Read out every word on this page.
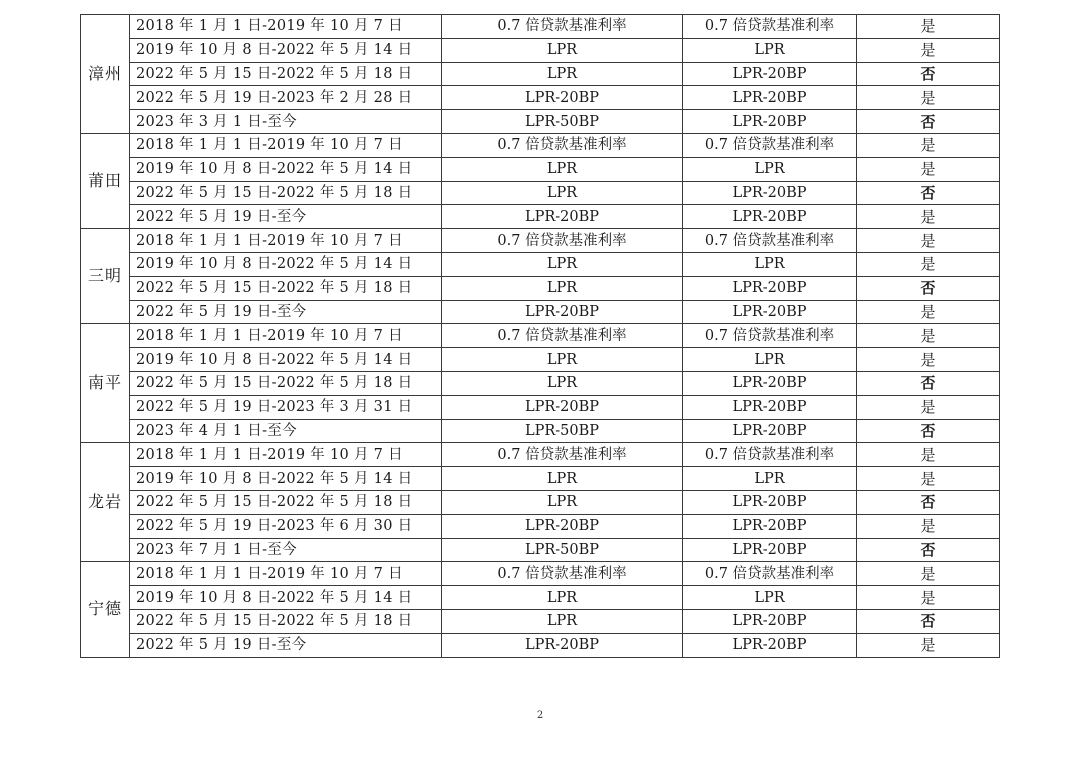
漳州	2018 年 1 月 1 日-2019 年 10 月 7 日	0.7 倍贷款基准利率	0.7 倍贷款基准利率	是
	2019 年 10 月 8 日-2022 年 5 月 14 日	LPR	LPR	是
	2022 年 5 月 15 日-2022 年 5 月 18 日	LPR	LPR-20BP	否
	2022 年 5 月 19 日-2023 年 2 月 28 日	LPR-20BP	LPR-20BP	是
	2023 年 3 月 1 日-至今	LPR-50BP	LPR-20BP	否
莆田	2018 年 1 月 1 日-2019 年 10 月 7 日	0.7 倍贷款基准利率	0.7 倍贷款基准利率	是
	2019 年 10 月 8 日-2022 年 5 月 14 日	LPR	LPR	是
	2022 年 5 月 15 日-2022 年 5 月 18 日	LPR	LPR-20BP	否
	2022 年 5 月 19 日-至今	LPR-20BP	LPR-20BP	是
三明	2018 年 1 月 1 日-2019 年 10 月 7 日	0.7 倍贷款基准利率	0.7 倍贷款基准利率	是
	2019 年 10 月 8 日-2022 年 5 月 14 日	LPR	LPR	是
	2022 年 5 月 15 日-2022 年 5 月 18 日	LPR	LPR-20BP	否
	2022 年 5 月 19 日-至今	LPR-20BP	LPR-20BP	是
南平	2018 年 1 月 1 日-2019 年 10 月 7 日	0.7 倍贷款基准利率	0.7 倍贷款基准利率	是
	2019 年 10 月 8 日-2022 年 5 月 14 日	LPR	LPR	是
	2022 年 5 月 15 日-2022 年 5 月 18 日	LPR	LPR-20BP	否
	2022 年 5 月 19 日-2023 年 3 月 31 日	LPR-20BP	LPR-20BP	是
	2023 年 4 月 1 日-至今	LPR-50BP	LPR-20BP	否
龙岩	2018 年 1 月 1 日-2019 年 10 月 7 日	0.7 倍贷款基准利率	0.7 倍贷款基准利率	是
	2019 年 10 月 8 日-2022 年 5 月 14 日	LPR	LPR	是
	2022 年 5 月 15 日-2022 年 5 月 18 日	LPR	LPR-20BP	否
	2022 年 5 月 19 日-2023 年 6 月 30 日	LPR-20BP	LPR-20BP	是
	2023 年 7 月 1 日-至今	LPR-50BP	LPR-20BP	否
宁德	2018 年 1 月 1 日-2019 年 10 月 7 日	0.7 倍贷款基准利率	0.7 倍贷款基准利率	是
	2019 年 10 月 8 日-2022 年 5 月 14 日	LPR	LPR	是
	2022 年 5 月 15 日-2022 年 5 月 18 日	LPR	LPR-20BP	否
	2022 年 5 月 19 日-至今	LPR-20BP	LPR-20BP	是
2
